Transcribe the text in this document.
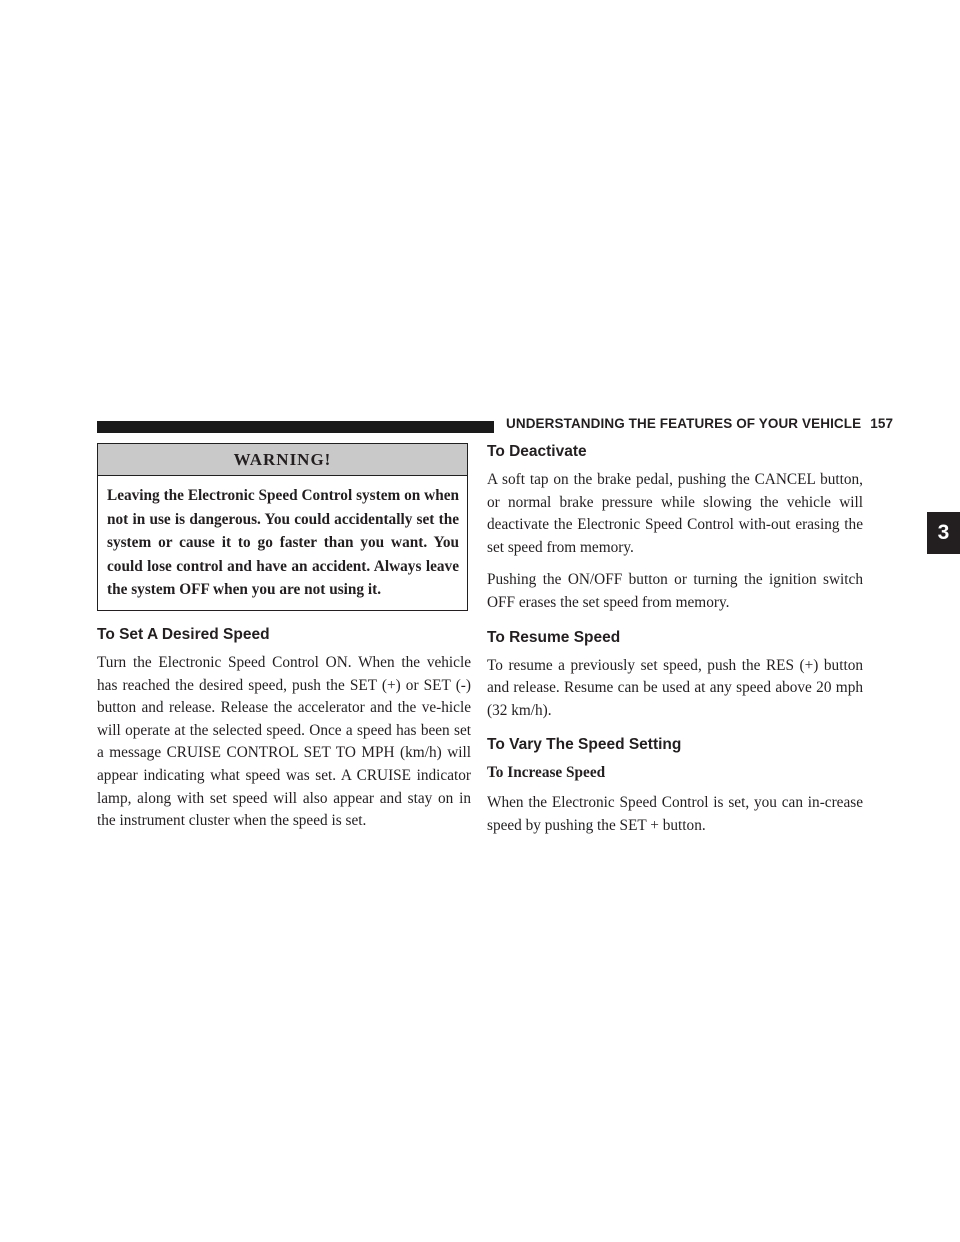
UNDERSTANDING THE FEATURES OF YOUR VEHICLE 157
3
WARNING!
Leaving the Electronic Speed Control system on when not in use is dangerous. You could accidentally set the system or cause it to go faster than you want. You could lose control and have an accident. Always leave the system OFF when you are not using it.
To Set A Desired Speed

Turn the Electronic Speed Control ON. When the vehicle has reached the desired speed, push the SET (+) or SET (-) button and release. Release the accelerator and the ve-hicle will operate at the selected speed. Once a speed has been set a message CRUISE CONTROL SET TO MPH (km/h) will appear indicating what speed was set. A CRUISE indicator lamp, along with set speed will also appear and stay on in the instrument cluster when the speed is set.

To Deactivate

A soft tap on the brake pedal, pushing the CANCEL button, or normal brake pressure while slowing the vehicle will deactivate the Electronic Speed Control with-out erasing the set speed from memory.

Pushing the ON/OFF button or turning the ignition switch OFF erases the set speed from memory.

To Resume Speed

To resume a previously set speed, push the RES (+) button and release. Resume can be used at any speed above 20 mph (32 km/h).

To Vary The Speed Setting
To Increase Speed

When the Electronic Speed Control is set, you can in-crease speed by pushing the SET + button.
